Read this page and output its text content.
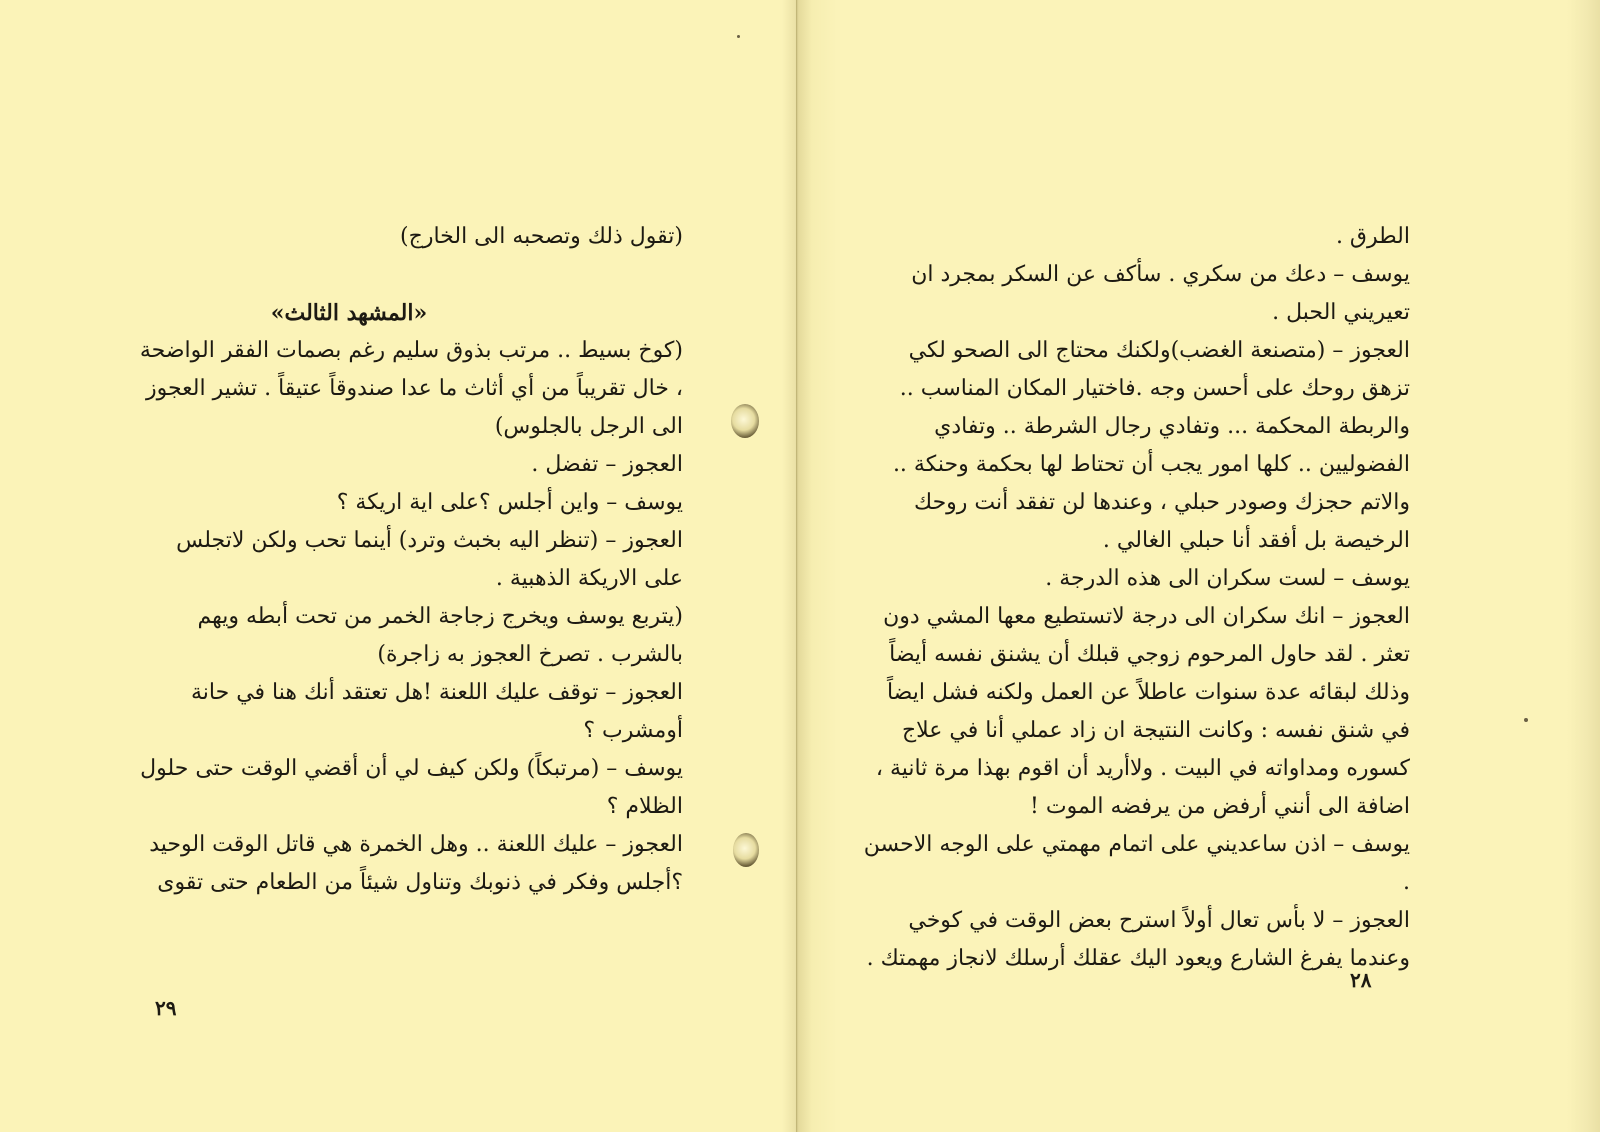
(تقول ذلك وتصحبه الى الخارج)

«المشهد الثالث»

(كوخ بسيط .. مرتب بذوق سليم رغم بصمات الفقر الواضحة ، خال تقريباً من أي أثاث ما عدا صندوقاً عتيقاً . تشير العجوز الى الرجل بالجلوس)

العجوز – تفضل .

يوسف – واين أجلس ؟على اية اريكة ؟

العجوز – (تنظر اليه بخبث وترد) أينما تحب ولكن لاتجلس على الاريكة الذهبية .

(يتربع يوسف ويخرج زجاجة الخمر من تحت أبطه ويهم بالشرب . تصرخ العجوز به زاجرة)

العجوز – توقف عليك اللعنة !هل تعتقد أنك هنا في حانة أومشرب ؟

يوسف – (مرتبكاً) ولكن كيف لي أن أقضي الوقت حتى حلول الظلام ؟

العجوز – عليك اللعنة .. وهل الخمرة هي قاتل الوقت الوحيد ؟أجلس وفكر في ذنوبك وتناول شيئاً من الطعام حتى تقوى

٢٩

الطرق .

يوسف – دعك من سكري . سأكف عن السكر بمجرد ان تعيريني الحبل .

العجوز – (متصنعة الغضب)ولكنك محتاج الى الصحو لكي تزهق روحك على أحسن وجه .فاختيار المكان المناسب .. والربطة المحكمة ... وتفادي رجال الشرطة .. وتفادي الفضوليين .. كلها امور يجب أن تحتاط لها بحكمة وحنكة .. والاتم حجزك وصودر حبلي ، وعندها لن تفقد أنت روحك الرخيصة بل أفقد أنا حبلي الغالي .

يوسف – لست سكران الى هذه الدرجة .

العجوز – انك سكران الى درجة لاتستطيع معها المشي دون تعثر . لقد حاول المرحوم زوجي قبلك أن يشنق نفسه أيضاً وذلك لبقائه عدة سنوات عاطلاً عن العمل ولكنه فشل ايضاً في شنق نفسه : وكانت النتيجة ان زاد عملي أنا في علاج كسوره ومداواته في البيت . ولاأريد أن اقوم بهذا مرة ثانية ، اضافة الى أنني أرفض من يرفضه الموت !

يوسف – اذن ساعديني على اتمام مهمتي على الوجه الاحسن .

العجوز – لا بأس تعال أولاً استرح بعض الوقت في كوخي وعندما يفرغ الشارع ويعود اليك عقلك أرسلك لانجاز مهمتك .

٢٨
